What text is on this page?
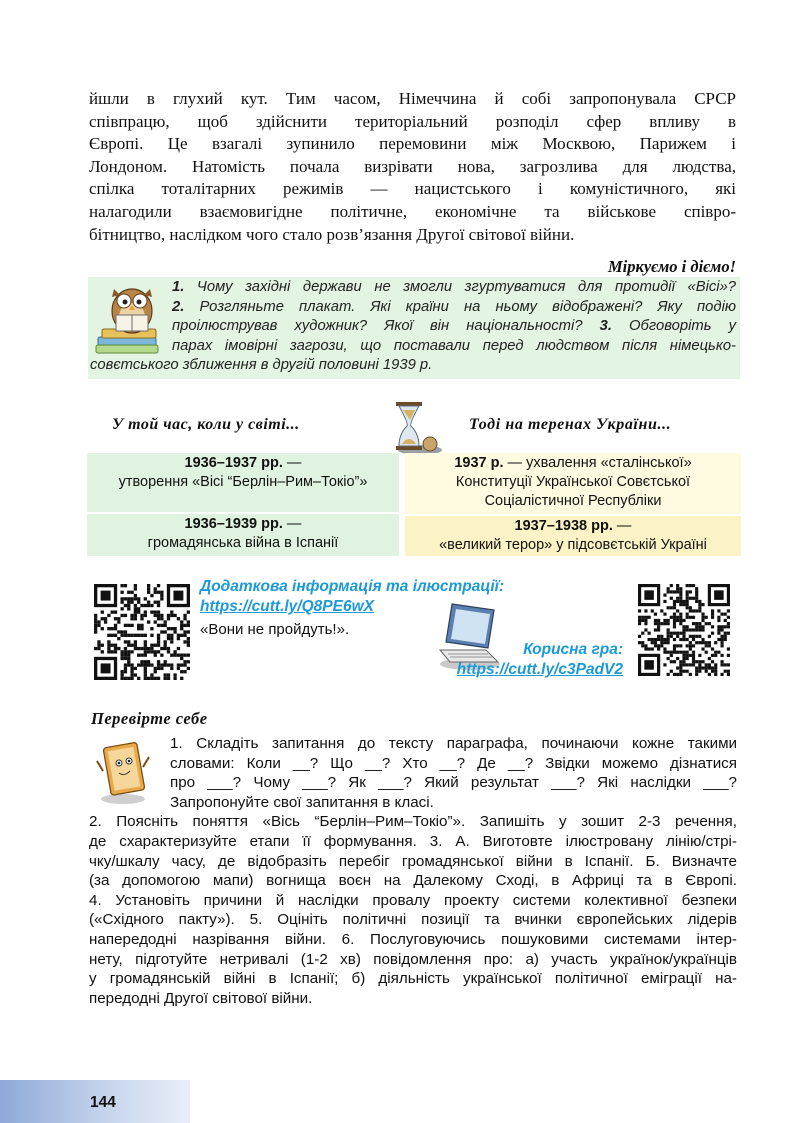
йшли в глухий кут. Тим часом, Німеччина й собі запропонувала СРСР
співпрацю, щоб здійснити територіальний розподіл сфер впливу в
Європі. Це взагалі зупинило перемовини між Москвою, Парижем і
Лондоном. Натомість почала визрівати нова, загрозлива для людства,
спілка тоталітарних режимів — нацистського і комуністичного, які
налагодили взаємовигідне політичне, економічне та військове співро-
бітництво, наслідком чого стало розв’язання Другої світової війни.
Міркуємо і діємо!
1. Чому західні держави не змогли згуртуватися для протидії «Вісі»?
2. Розгляньте плакат. Які країни на ньому відображені? Яку подію
проілюстрував художник? Якої він національності? 3. Обговоріть у
парах імовірні загрози, що поставали перед людством після німецько-
совєтського зближення в другій половині 1939 р.
У той час, коли у світі...	Тоді на теренах України...
1936–1937 рр. —
утворення «Вісі “Берлін–Рим–Токіо”»
1937 р. — ухвалення «сталінської»
Конституції Української Совєтської
Соціалістичної Республіки
1936–1939 рр. —
громадянська війна в Іспанії
1937–1938 рр. —
«великий терор» у підсовєтській Україні
Додаткова інформація та ілюстрації:
https://cutt.ly/Q8PE6wX
«Вони не пройдуть!».
Корисна гра:
https://cutt.ly/c3PadV2
Перевірте себе
1. Складіть запитання до тексту параграфа, починаючи кожне такими
словами: Коли __? Що __? Хто __? Де __? Звідки можемо дізнатися
про ___? Чому ___? Як ___? Який результат ___? Які наслідки ___?
Запропонуйте свої запитання в класі.
2. Поясніть поняття «Вісь “Берлін–Рим–Токіо”». Запишіть у зошит 2-3 речення,
де схарактеризуйте етапи її формування. 3. А. Виготовте ілюстровану лінію/стрі-
чку/шкалу часу, де відобразіть перебіг громадянської війни в Іспанії. Б. Визначте
(за допомогою мапи) вогнища воєн на Далекому Сході, в Африці та в Європі.
4. Установіть причини й наслідки провалу проекту системи колективної безпеки
(«Східного пакту»). 5. Оцініть політичні позиції та вчинки європейських лідерів
напередодні назрівання війни. 6. Послуговуючись пошуковими системами інтер-
нету, підготуйте нетривалі (1-2 хв) повідомлення про: а) участь українок/українців
у громадянській війні в Іспанії; б) діяльність української політичної еміграції на-
передодні Другої світової війни.
144
